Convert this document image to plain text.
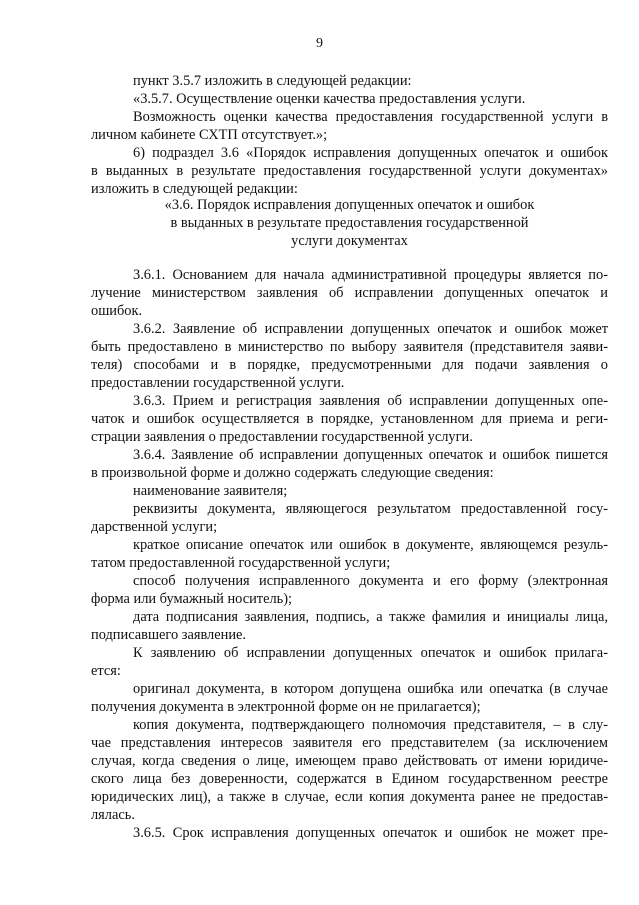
9
пункт 3.5.7 изложить в следующей редакции:
«3.5.7. Осуществление оценки качества предоставления услуги.
Возможность оценки качества предоставления государственной услуги в
личном кабинете СХТП отсутствует.»;
6) подраздел 3.6 «Порядок исправления допущенных опечаток и ошибок
в выданных в результате предоставления государственной услуги документах»
изложить в следующей редакции:
«3.6. Порядок исправления допущенных опечаток и ошибок
в выданных в результате предоставления государственной
услуги документах
3.6.1. Основанием для начала административной процедуры является по-
лучение министерством заявления об исправлении допущенных опечаток и
ошибок.
3.6.2. Заявление об исправлении допущенных опечаток и ошибок может
быть предоставлено в министерство по выбору заявителя (представителя заяви-
теля) способами и в порядке, предусмотренными для подачи заявления о
предоставлении государственной услуги.
3.6.3. Прием и регистрация заявления об исправлении допущенных опе-
чаток и ошибок осуществляется в порядке, установленном для приема и реги-
страции заявления о предоставлении государственной услуги.
3.6.4. Заявление об исправлении допущенных опечаток и ошибок пишется
в произвольной форме и должно содержать следующие сведения:
наименование заявителя;
реквизиты документа, являющегося результатом предоставленной госу-
дарственной услуги;
краткое описание опечаток или ошибок в документе, являющемся резуль-
татом предоставленной государственной услуги;
способ получения исправленного документа и его форму (электронная
форма или бумажный носитель);
дата подписания заявления, подпись, а также фамилия и инициалы лица,
подписавшего заявление.
К заявлению об исправлении допущенных опечаток и ошибок прилага-
ется:
оригинал документа, в котором допущена ошибка или опечатка (в случае
получения документа в электронной форме он не прилагается);
копия документа, подтверждающего полномочия представителя, – в слу-
чае представления интересов заявителя его представителем (за исключением
случая, когда сведения о лице, имеющем право действовать от имени юридиче-
ского лица без доверенности, содержатся в Едином государственном реестре
юридических лиц), а также в случае, если копия документа ранее не предостав-
лялась.
3.6.5. Срок исправления допущенных опечаток и ошибок не может пре-
